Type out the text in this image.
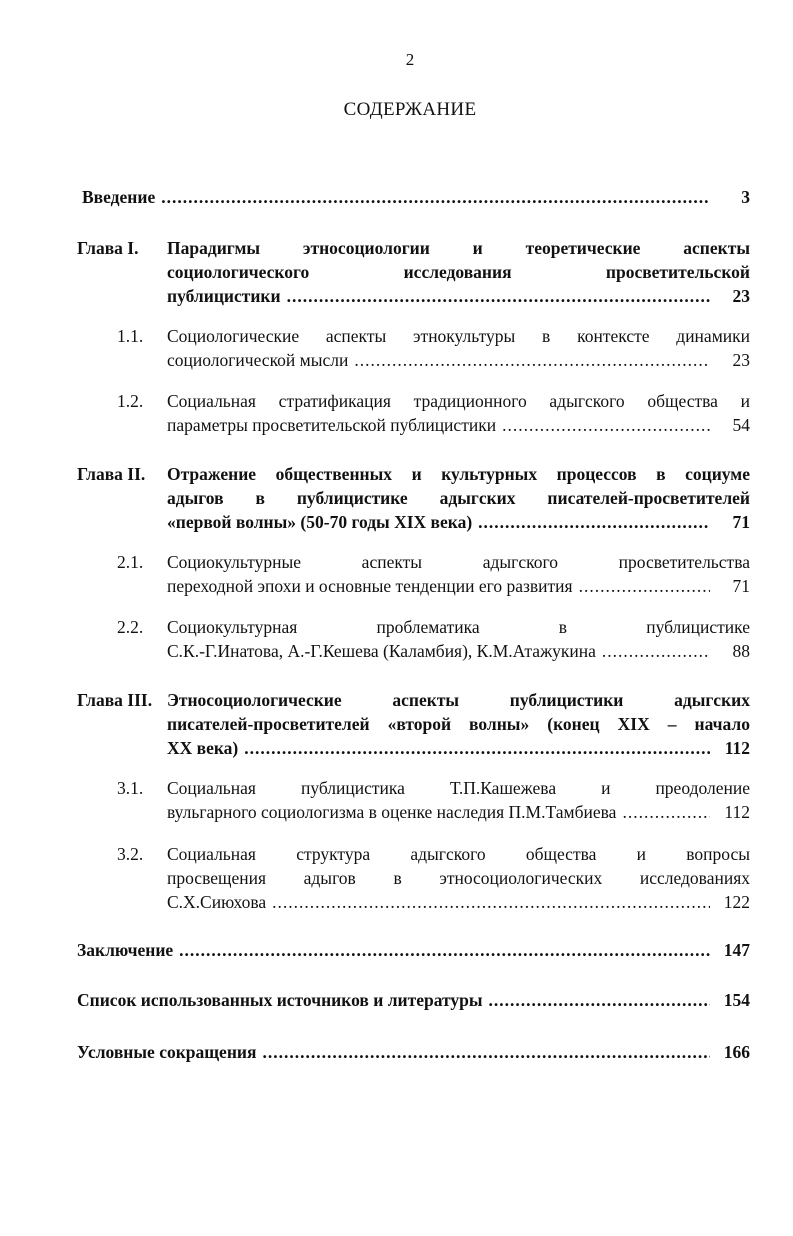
2
СОДЕРЖАНИЕ
Введение .....	3
Глава I. Парадигмы этносоциологии и теоретические аспекты
социологического исследования просветительской
публицистики .....	23
1.1. Социологические аспекты этнокультуры в контексте динамики
социологической мысли .....	23
1.2. Социальная стратификация традиционного адыгского общества и
параметры просветительской публицистики .....	54
Глава II. Отражение общественных и культурных процессов в социуме
адыгов в публицистике адыгских писателей-просветителей
«первой волны» (50-70 годы XIX века) .....	71
2.1. Социокультурные аспекты адыгского просветительства
переходной эпохи и основные тенденции его развития .....	71
2.2. Социокультурная проблематика в публицистике
С.К.-Г.Инатова, А.-Г.Кешева (Каламбия), К.М.Атажукина .....	88
Глава III. Этносоциологические аспекты публицистики адыгских
писателей-просветителей «второй волны» (конец XIX – начало
XX века) .....	112
3.1. Социальная публицистика Т.П.Кашежева и преодоление
вульгарного социологизма в оценке наследия П.М.Тамбиева .....	112
3.2. Социальная структура адыгского общества и вопросы
просвещения адыгов в этносоциологических исследованиях
С.Х.Сиюхова .....	122
Заключение .....	147
Список использованных источников и литературы .....	154
Условные сокращения .....	166
